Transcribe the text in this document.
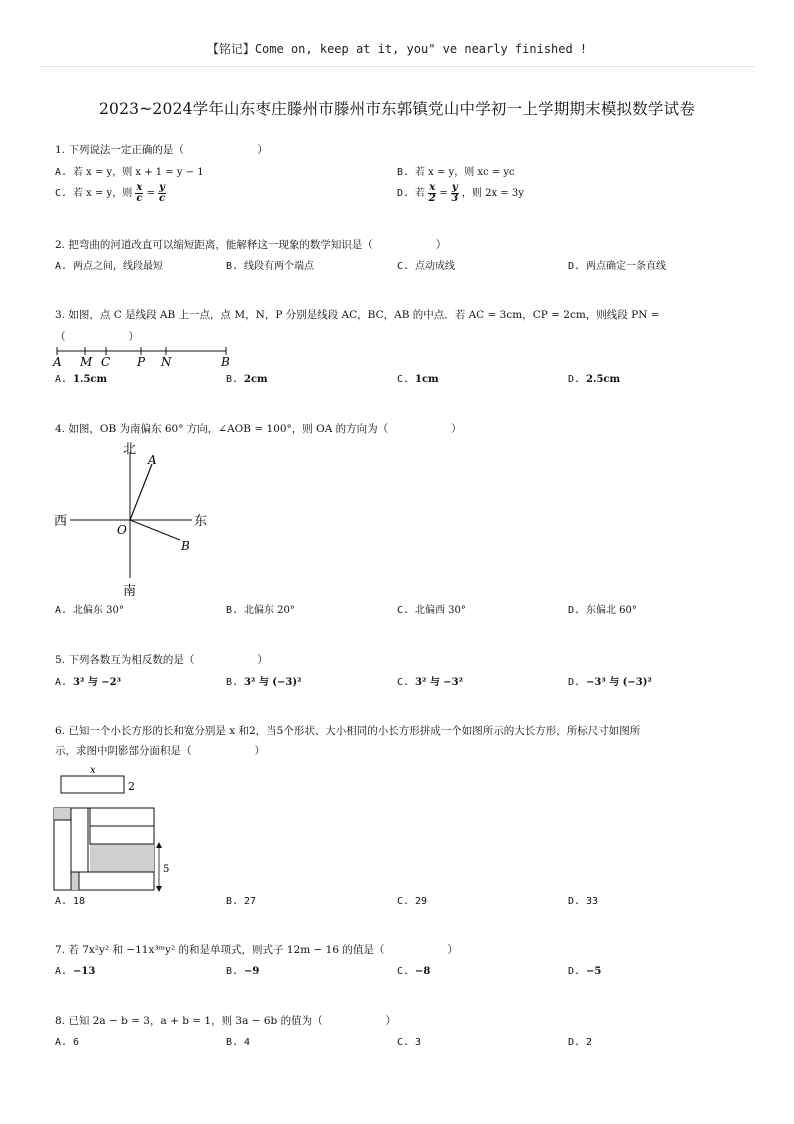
【铭记】Come on, keep at it, you" ve nearly finished !
2023~2024学年山东枣庄滕州市滕州市东郭镇党山中学初一上学期期末模拟数学试卷
1. 下列说法一定正确的是（　　　　　　　）
A. 若 x = y，则 x + 1 = y − 1	B. 若 x = y，则 xc = yc
C. 若 x = y，则 $\frac{x}{c} = \frac{y}{c}$	D. 若 $\frac{x}{2} = \frac{y}{3}$ ，则 2x = 3y
2. 把弯曲的河道改直可以缩短距离，能解释这一现象的数学知识是（　　　　　　）
A. 两点之间，线段最短	B. 线段有两个端点	C. 点动成线	D. 两点确定一条直线
3. 如图，点 C 是线段 AB 上一点，点 M，N，P 分别是线段 AC，BC，AB 的中点．若 AC = 3cm，CP = 2cm，则线段 PN =
（　　　　　　）
A M C P N	B
A. 1.5cm	B. 2cm	C. 1cm	D. 2.5cm
4. 如图，OB 为南偏东 60° 方向，∠AOB = 100°，则 OA 的方向为（　　　　　　）
北
南
西	东
O
A
B
A. 北偏东 30°	B. 北偏东 20°	C. 北偏西 30°	D. 东偏北 60°
5. 下列各数互为相反数的是（　　　　　　）
A. 3² 与 −2³	B. 3² 与 (−3)²	C. 3² 与 −3²	D. −3³ 与 (−3)²
6. 已知一个小长方形的长和宽分别是 x 和2，当5个形状、大小相同的小长方形拼成一个如图所示的大长方形，所标尺寸如图所
示，求图中阴影部分面积是（　　　　　　）
x
2
5
A. 18	B. 27	C. 29	D. 33
7. 若 7x²y² 和 −11x³ᵐy² 的和是单项式，则式子 12m − 16 的值是（　　　　　　）
A. −13	B. −9	C. −8	D. −5
8. 已知 2a − b = 3，a + b = 1，则 3a − 6b 的值为（　　　　　　）
A. 6	B. 4	C. 3	D. 2
